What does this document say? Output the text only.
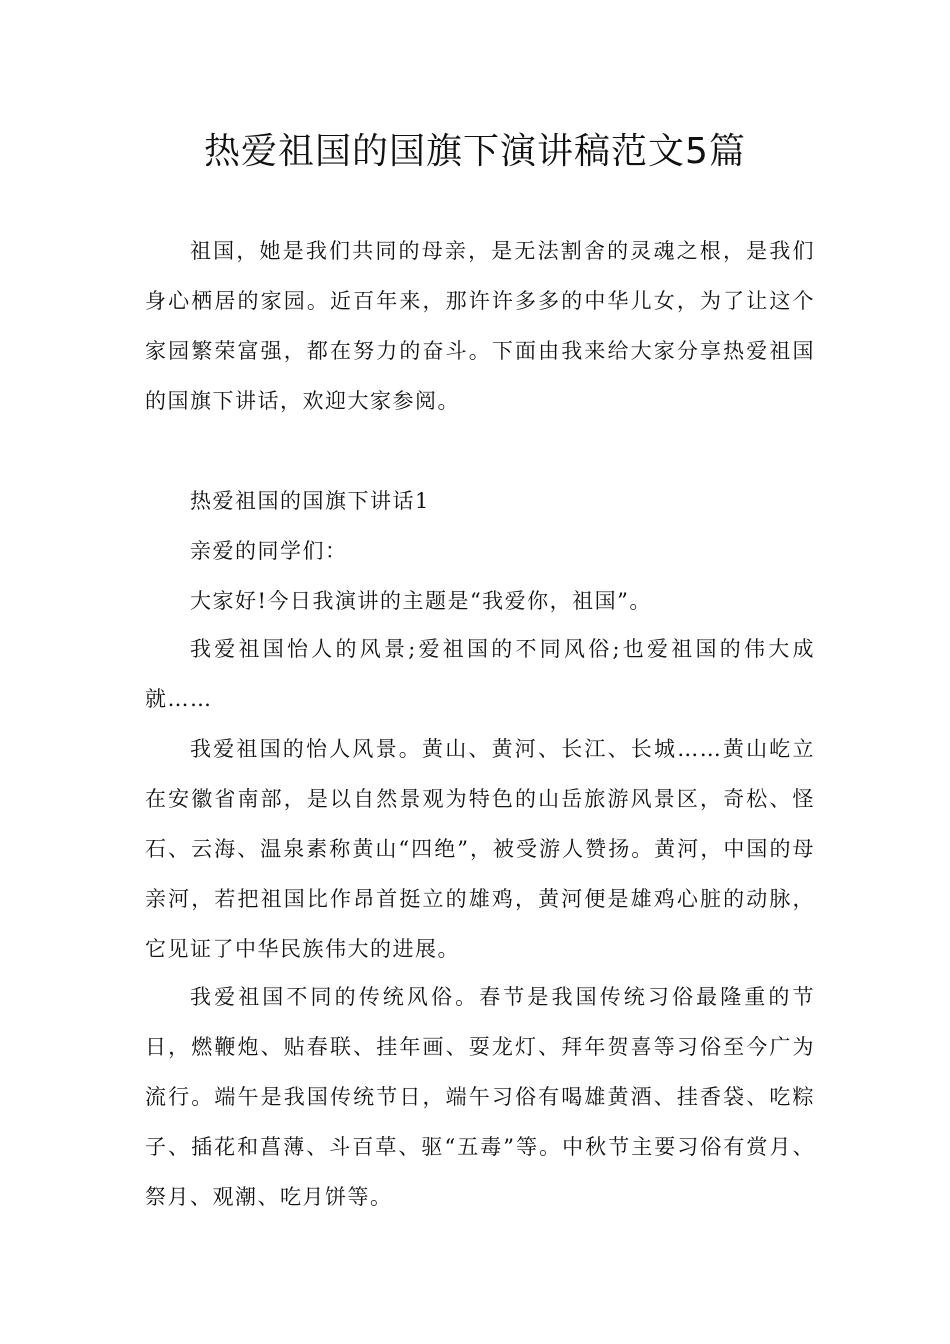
热爱祖国的国旗下演讲稿范文5篇

祖国，她是我们共同的母亲，是无法割舍的灵魂之根，是我们身心栖居的家园。近百年来，那许许多多的中华儿女，为了让这个家园繁荣富强，都在努力的奋斗。下面由我来给大家分享热爱祖国的国旗下讲话，欢迎大家参阅。

热爱祖国的国旗下讲话1

亲爱的同学们：

大家好!今日我演讲的主题是“我爱你，祖国”。

我爱祖国怡人的风景;爱祖国的不同风俗;也爱祖国的伟大成就……

我爱祖国的怡人风景。黄山、黄河、长江、长城……黄山屹立在安徽省南部，是以自然景观为特色的山岳旅游风景区，奇松、怪石、云海、温泉素称黄山“四绝”，被受游人赞扬。黄河，中国的母亲河，若把祖国比作昂首挺立的雄鸡，黄河便是雄鸡心脏的动脉，它见证了中华民族伟大的进展。

我爱祖国不同的传统风俗。春节是我国传统习俗最隆重的节日，燃鞭炮、贴春联、挂年画、耍龙灯、拜年贺喜等习俗至今广为流行。端午是我国传统节日，端午习俗有喝雄黄酒、挂香袋、吃粽子、插花和菖薄、斗百草、驱“五毒”等。中秋节主要习俗有赏月、祭月、观潮、吃月饼等。
